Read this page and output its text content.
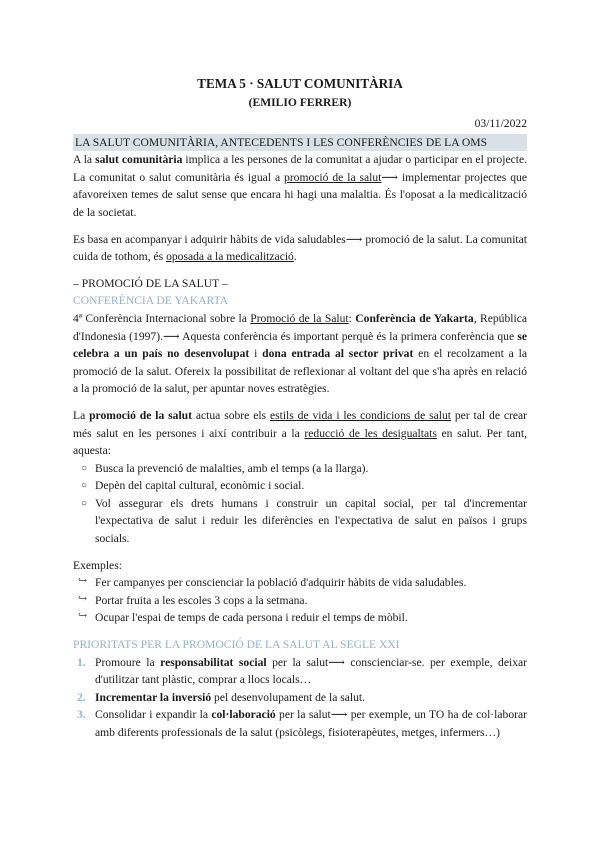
TEMA 5 · SALUT COMUNITÀRIA
(EMILIO FERRER)
03/11/2022
LA SALUT COMUNITÀRIA, ANTECEDENTS I LES CONFERÈNCIES DE LA OMS

A la salut comunitària implica a les persones de la comunitat a ajudar o participar en el projecte. La comunitat o salut comunitària és igual a promoció de la salut⟶ implementar projectes que afavoreixen temes de salut sense que encara hi hagi una malaltia. És l'oposat a la medicalització de la societat.

Es basa en acompanyar i adquirir hàbits de vida saludables⟶ promoció de la salut. La comunitat cuida de tothom, és oposada a la medicalització.

– PROMOCIÓ DE LA SALUT –

CONFERÈNCIA DE YAKARTA

4ª Conferència Internacional sobre la Promoció de la Salut: Conferència de Yakarta, República d'Indonesia (1997).⟶ Aquesta conferència és important perquè és la primera conferència que se celebra a un país no desenvolupat i dona entrada al sector privat en el recolzament a la promoció de la salut. Ofereix la possibilitat de reflexionar al voltant del que s'ha après en relació a la promoció de la salut, per apuntar noves estratègies.

La promoció de la salut actua sobre els estils de vida i les condicions de salut per tal de crear més salut en les persones i així contribuir a la reducció de les desigualtats en salut. Per tant, aquesta:

○ Busca la prevenció de malalties, amb el temps (a la llarga).
○ Depèn del capital cultural, econòmic i social.
○ Vol assegurar els drets humans i construir un capital social, per tal d'incrementar l'expectativa de salut i reduir les diferències en l'expectativa de salut en països i grups socials.

Exemples:

↪ Fer campanyes per conscienciar la població d'adquirir hàbits de vida saludables.
↪ Portar fruita a les escoles 3 cops a la setmana.
↪ Ocupar l'espai de temps de cada persona i reduir el temps de mòbil.

PRIORITATS PER LA PROMOCIÓ DE LA SALUT AL SEGLE XXI

1. Promoure la responsabilitat social per la salut⟶ conscienciar-se. per exemple, deixar d'utilitzar tant plàstic, comprar a llocs locals…
2. Incrementar la inversió pel desenvolupament de la salut.
3. Consolidar i expandir la col·laboració per la salut⟶ per exemple, un TO ha de col·laborar amb diferents professionals de la salut (psicòlegs, fisioterapèutes, metges, infermers…)
